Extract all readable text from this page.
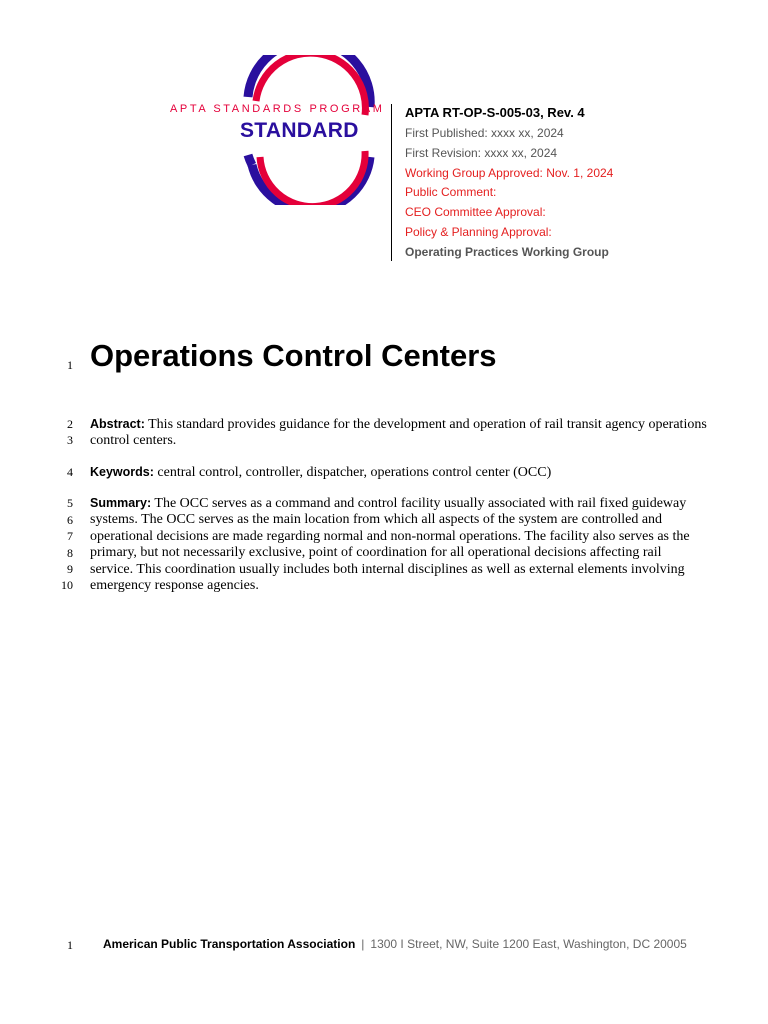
APTA STANDARDS PROGRAM
STANDARD
APTA RT-OP-S-005-03, Rev. 4
First Published: xxxx xx, 2024
First Revision: xxxx xx, 2024
Working Group Approved: Nov. 1, 2024
Public Comment:
CEO Committee Approval:
Policy & Planning Approval:
Operating Practices Working Group
1
2
3
4
5
6
7
8
9
10
Operations Control Centers
Abstract: This standard provides guidance for the development and operation of rail transit agency operations
control centers.
Keywords: central control, controller, dispatcher, operations control center (OCC)
Summary: The OCC serves as a command and control facility usually associated with rail fixed guideway
systems. The OCC serves as the main location from which all aspects of the system are controlled and
operational decisions are made regarding normal and non-normal operations. The facility also serves as the
primary, but not necessarily exclusive, point of coordination for all operational decisions affecting rail
service. This coordination usually includes both internal disciplines as well as external elements involving
emergency response agencies.
1	American Public Transportation Association | 1300 I Street, NW, Suite 1200 East, Washington, DC 20005
